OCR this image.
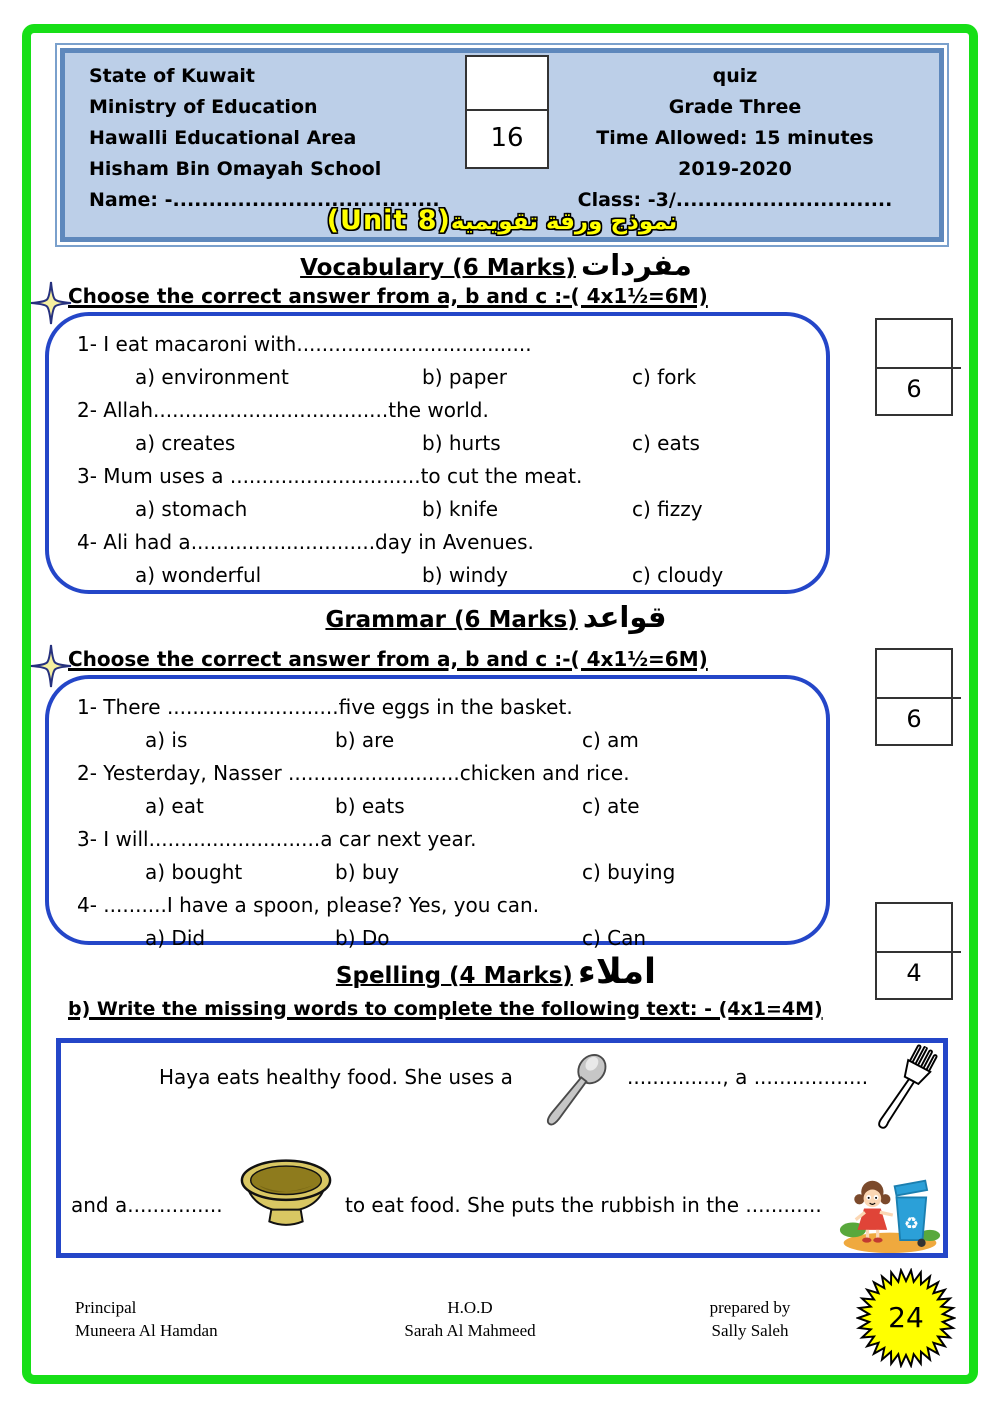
State of Kuwait
Ministry of Education
Hawalli Educational Area
Hisham Bin Omayah School
Name: -.....................................
16
quiz
Grade Three
Time Allowed: 15 minutes
2019-2020
Class: -3/..............................
(Unit 8)نموذج ورقة تقويمية
Vocabulary (6 Marks) مفردات
Choose the correct answer from a, b and c :-( 4x1½=6M)
1- I eat macaroni with.....................................
a) environment	b) paper	c) fork
2- Allah.....................................the world.
a) creates	b) hurts	c) eats
3- Mum uses a ..............................to cut the meat.
a) stomach	b) knife	c) fizzy
4- Ali had a.............................day in Avenues.
a) wonderful	b) windy	c) cloudy
6
Grammar (6 Marks) قواعد
Choose the correct answer from a, b and c :-( 4x1½=6M)
1- There ...........................five eggs in the basket.
a) is	b) are	c) am
2- Yesterday, Nasser ...........................chicken and rice.
a) eat	b) eats	c) ate
3- I will...........................a car next year.
a) bought	b) buy	c) buying
4- ..........I have a spoon, please? Yes, you can.
a) Did	b) Do	c) Can
6
Spelling (4 Marks) املاء	4
b) Write the missing words to complete the following text: - (4x1=4M)
Haya eats healthy food. She uses a	..............., a ..................
and a...............	to eat food. She puts the rubbish in the ............
♻
Principal
Muneera Al Hamdan
H.O.D
Sarah Al Mahmeed
prepared by
Sally Saleh	24
